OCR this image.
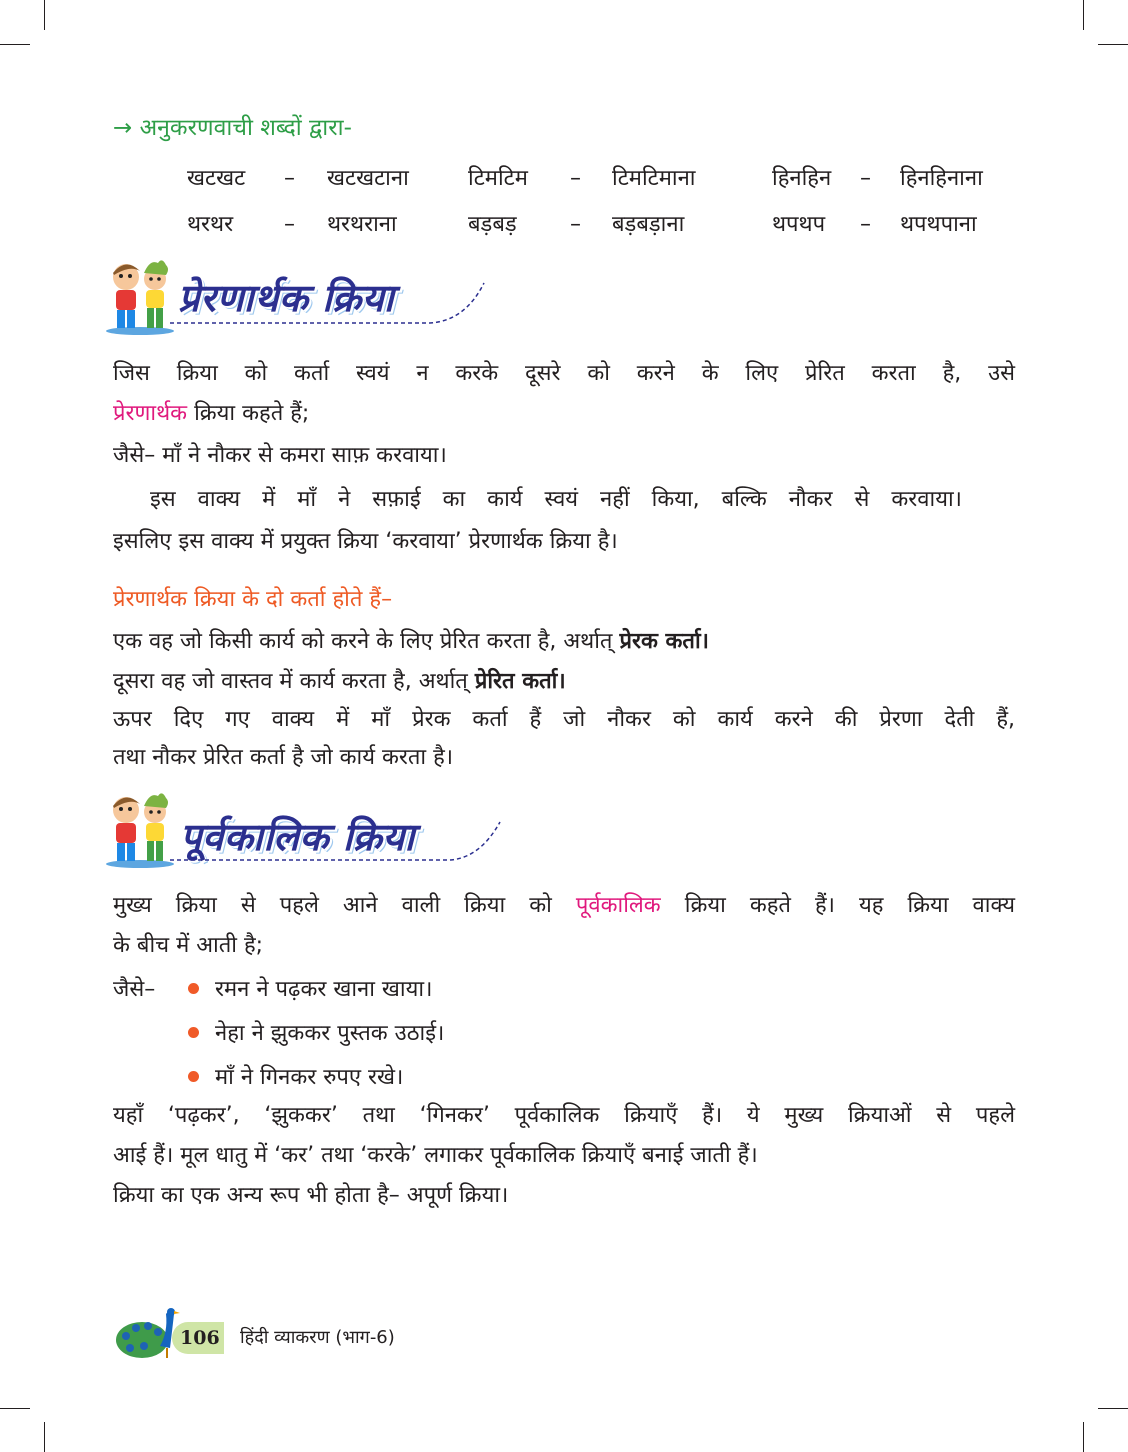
→ अनुकरणवाची शब्दों द्वारा-
खटखट – खटखटाना	टिमटिम – टिमटिमाना	हिनहिन – हिनहिनाना
थरथर – थरथराना	बड़बड़ – बड़बड़ाना	थपथप – थपथपाना
प्रेरणार्थक क्रिया
जिस क्रिया को कर्ता स्वयं न करके दूसरे को करने के लिए प्रेरित करता है, उसे
प्रेरणार्थक क्रिया कहते हैं;
जैसे– माँ ने नौकर से कमरा साफ़ करवाया।
इस वाक्य में माँ ने सफ़ाई का कार्य स्वयं नहीं किया, बल्कि नौकर से करवाया।
इसलिए इस वाक्य में प्रयुक्त क्रिया ‘करवाया’ प्रेरणार्थक क्रिया है।
प्रेरणार्थक क्रिया के दो कर्ता होते हैं–
एक वह जो किसी कार्य को करने के लिए प्रेरित करता है, अर्थात् प्रेरक कर्ता।
दूसरा वह जो वास्तव में कार्य करता है, अर्थात् प्रेरित कर्ता।
ऊपर दिए गए वाक्य में माँ प्रेरक कर्ता हैं जो नौकर को कार्य करने की प्रेरणा देती हैं,
तथा नौकर प्रेरित कर्ता है जो कार्य करता है।
पूर्वकालिक क्रिया
मुख्य क्रिया से पहले आने वाली क्रिया को पूर्वकालिक क्रिया कहते हैं। यह क्रिया वाक्य
के बीच में आती है;
जैसे–	रमन ने पढ़कर खाना खाया।
नेहा ने झुककर पुस्तक उठाई।
माँ ने गिनकर रुपए रखे।
यहाँ ‘पढ़कर’, ‘झुककर’ तथा ‘गिनकर’ पूर्वकालिक क्रियाएँ हैं। ये मुख्य क्रियाओं से पहले
आई हैं। मूल धातु में ‘कर’ तथा ‘करके’ लगाकर पूर्वकालिक क्रियाएँ बनाई जाती हैं।
क्रिया का एक अन्य रूप भी होता है– अपूर्ण क्रिया।
106 हिंदी व्याकरण (भाग-6)
